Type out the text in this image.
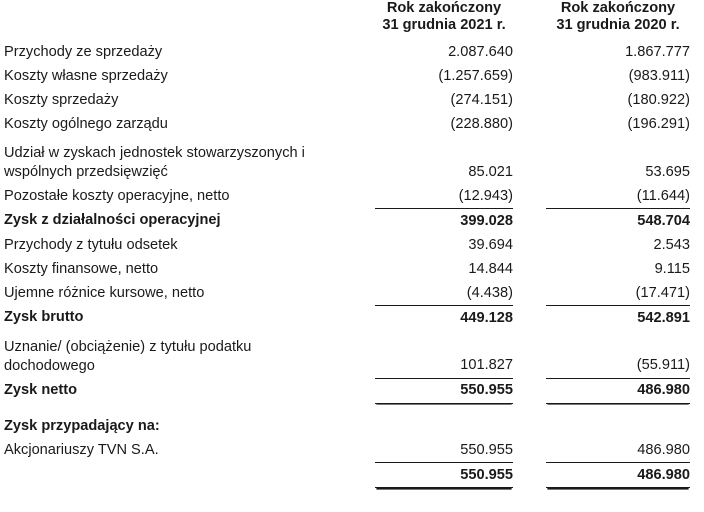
	Rok zakończony
31 grudnia 2021 r.		Rok zakończony
31 grudnia 2020 r.	
Przychody ze sprzedaży	2.087.640		1.867.777	
Koszty własne sprzedaży	(1.257.659)		(983.911)	
Koszty sprzedaży	(274.151)		(180.922)	
Koszty ogólnego zarządu	(228.880)		(196.291)	

Udział w zyskach jednostek stowarzyszonych i
wspólnych przedsięwzięć	85.021		53.695	
Pozostałe koszty operacyjne, netto	(12.943)		(11.644)	
Zysk z działalności operacyjnej	399.028		548.704	
Przychody z tytułu odsetek	39.694		2.543	
Koszty finansowe, netto	14.844		9.115	
Ujemne różnice kursowe, netto	(4.438)		(17.471)	
Zysk brutto	449.128		542.891	

Uznanie/ (obciążenie) z tytułu podatku
dochodowego	101.827		(55.911)	
Zysk netto	550.955		486.980	

Zysk przypadający na:				
Akcjonariuszy TVN S.A.	550.955		486.980	
	550.955		486.980	
